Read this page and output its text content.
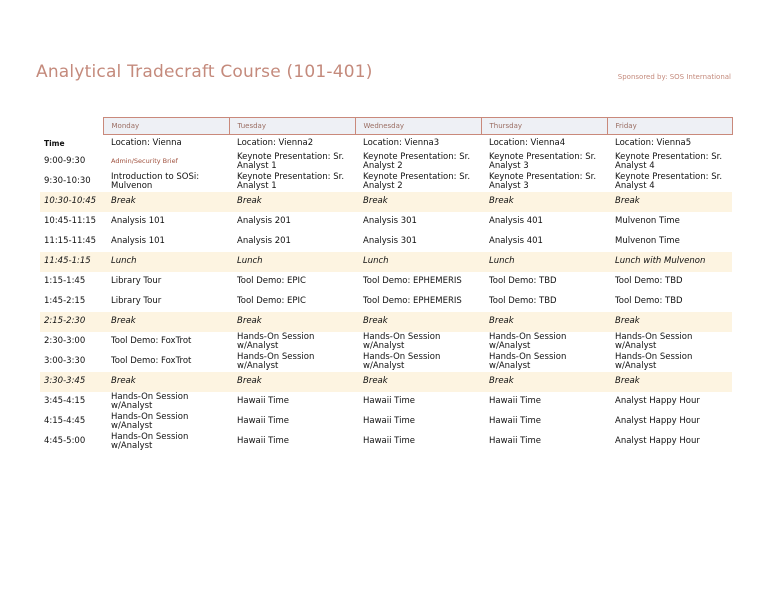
Analytical Tradecraft Course (101-401)	Sponsored by: SOS International
	Monday	Tuesday	Wednesday	Thursday	Friday
Time	Location: Vienna	Location: Vienna2	Location: Vienna3	Location: Vienna4	Location: Vienna5
9:00-9:30	Admin/Security Brief	Keynote Presentation: Sr. Analyst 1	Keynote Presentation: Sr. Analyst 2	Keynote Presentation: Sr. Analyst 3	Keynote Presentation: Sr. Analyst 4
9:30-10:30	Introduction to SOSi: Mulvenon	Keynote Presentation: Sr. Analyst 1	Keynote Presentation: Sr. Analyst 2	Keynote Presentation: Sr. Analyst 3	Keynote Presentation: Sr. Analyst 4
10:30-10:45	Break	Break	Break	Break	Break
10:45-11:15	Analysis 101	Analysis 201	Analysis 301	Analysis 401	Mulvenon Time
11:15-11:45	Analysis 101	Analysis 201	Analysis 301	Analysis 401	Mulvenon Time
11:45-1:15	Lunch	Lunch	Lunch	Lunch	Lunch with Mulvenon
1:15-1:45	Library Tour	Tool Demo: EPIC	Tool Demo: EPHEMERIS	Tool Demo: TBD	Tool Demo: TBD
1:45-2:15	Library Tour	Tool Demo: EPIC	Tool Demo: EPHEMERIS	Tool Demo: TBD	Tool Demo: TBD
2:15-2:30	Break	Break	Break	Break	Break
2:30-3:00	Tool Demo: FoxTrot	Hands-On Session w/Analyst	Hands-On Session w/Analyst	Hands-On Session w/Analyst	Hands-On Session w/Analyst
3:00-3:30	Tool Demo: FoxTrot	Hands-On Session w/Analyst	Hands-On Session w/Analyst	Hands-On Session w/Analyst	Hands-On Session w/Analyst
3:30-3:45	Break	Break	Break	Break	Break
3:45-4:15	Hands-On Session w/Analyst	Hawaii Time	Hawaii Time	Hawaii Time	Analyst Happy Hour
4:15-4:45	Hands-On Session w/Analyst	Hawaii Time	Hawaii Time	Hawaii Time	Analyst Happy Hour
4:45-5:00	Hands-On Session w/Analyst	Hawaii Time	Hawaii Time	Hawaii Time	Analyst Happy Hour
